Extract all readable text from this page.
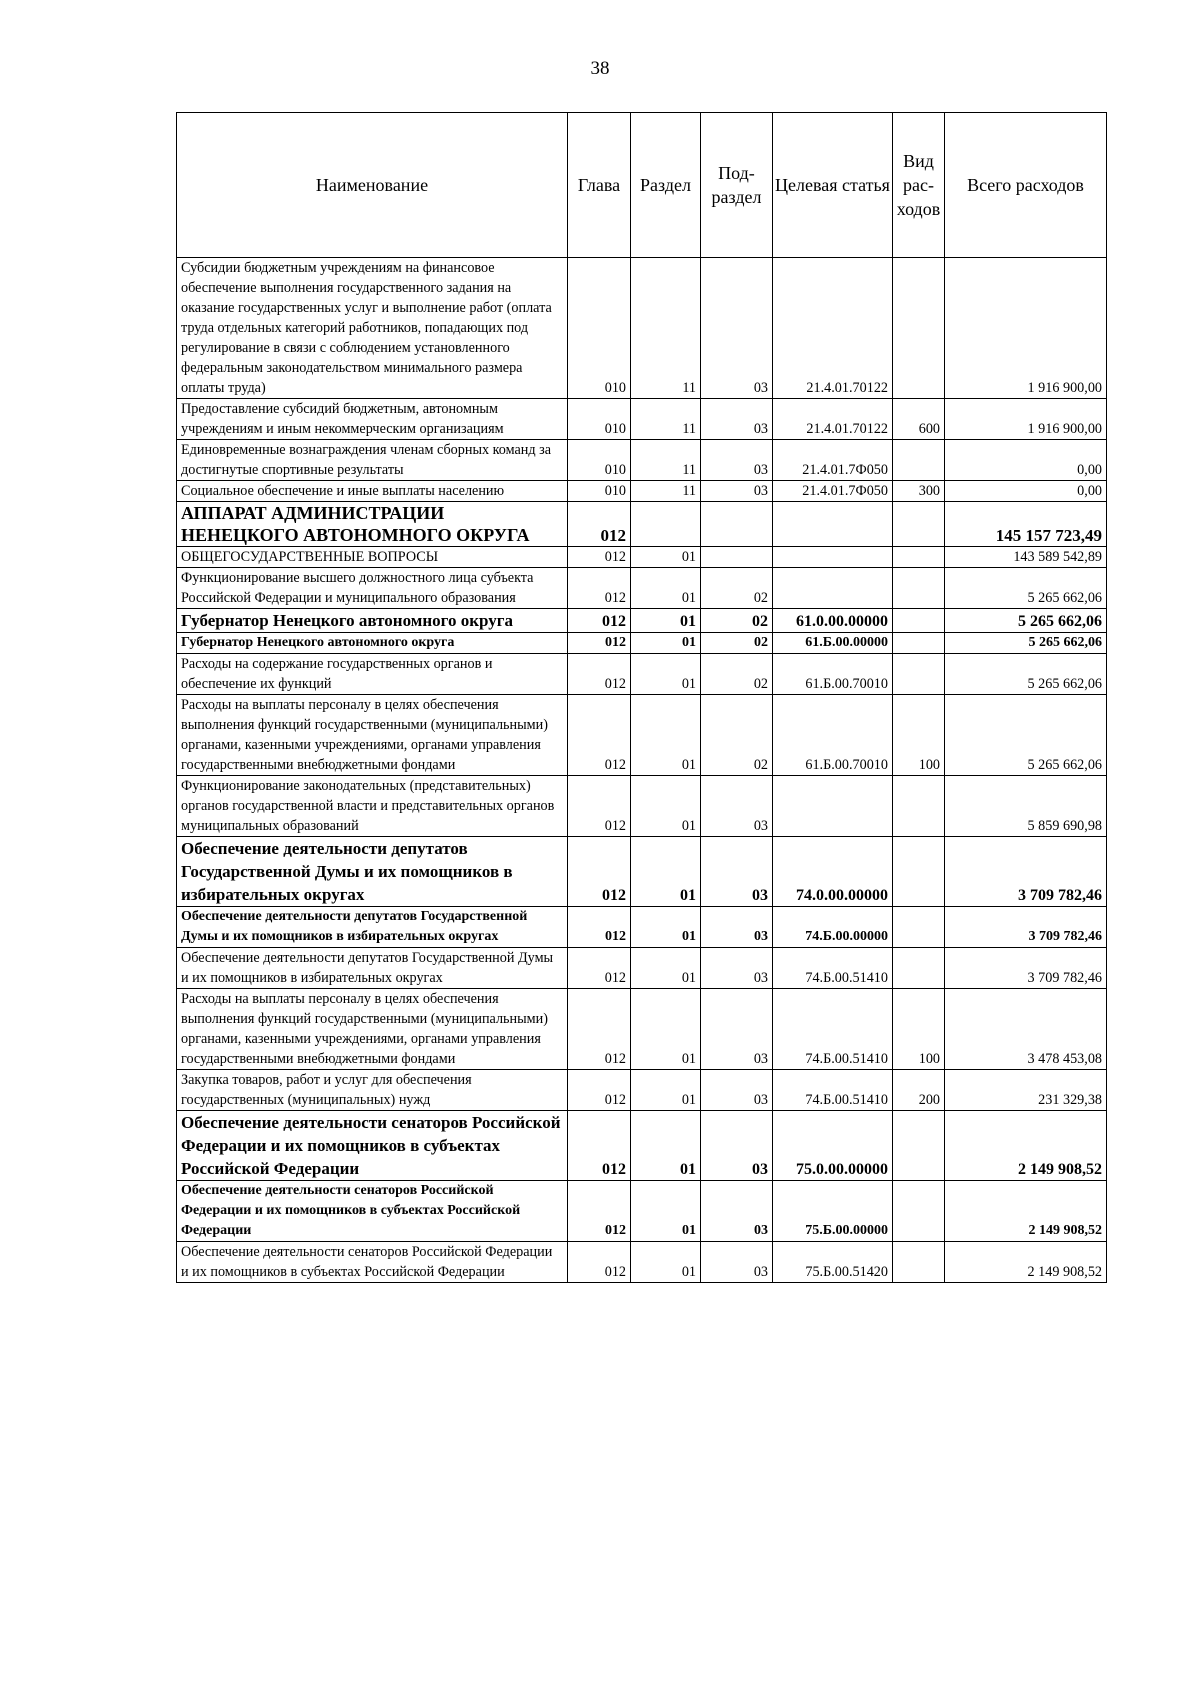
38
Наименование	Глава	Раздел	Под-раздел	Целевая статья	Вид рас-ходов	Всего расходов
Субсидии бюджетным учреждениям на финансовое обеспечение выполнения государственного задания на оказание государственных услуг и выполнение работ (оплата труда отдельных категорий работников, попадающих под регулирование в связи с соблюдением установленного федеральным законодательством минимального размера оплаты труда)	010	11	03	21.4.01.70122		1 916 900,00
Предоставление субсидий бюджетным, автономным учреждениям и иным некоммерческим организациям	010	11	03	21.4.01.70122	600	1 916 900,00
Единовременные вознаграждения членам сборных команд за достигнутые спортивные результаты	010	11	03	21.4.01.7Ф050		0,00
Социальное обеспечение и иные выплаты населению	010	11	03	21.4.01.7Ф050	300	0,00
АППАРАТ АДМИНИСТРАЦИИ НЕНЕЦКОГО АВТОНОМНОГО ОКРУГА	012					145 157 723,49
ОБЩЕГОСУДАРСТВЕННЫЕ ВОПРОСЫ	012	01				143 589 542,89
Функционирование высшего должностного лица субъекта Российской Федерации и муниципального образования	012	01	02			5 265 662,06
Губернатор Ненецкого автономного округа	012	01	02	61.0.00.00000		5 265 662,06
Губернатор Ненецкого автономного округа	012	01	02	61.Б.00.00000		5 265 662,06
Расходы на содержание государственных органов и обеспечение их функций	012	01	02	61.Б.00.70010		5 265 662,06
Расходы на выплаты персоналу в целях обеспечения выполнения функций государственными (муниципальными) органами, казенными учреждениями, органами управления государственными внебюджетными фондами	012	01	02	61.Б.00.70010	100	5 265 662,06
Функционирование законодательных (представительных) органов государственной власти и представительных органов муниципальных образований	012	01	03			5 859 690,98
Обеспечение деятельности депутатов Государственной Думы и их помощников в избирательных округах	012	01	03	74.0.00.00000		3 709 782,46
Обеспечение деятельности депутатов Государственной Думы и их помощников в избирательных округах	012	01	03	74.Б.00.00000		3 709 782,46
Обеспечение деятельности депутатов Государственной Думы и их помощников в избирательных округах	012	01	03	74.Б.00.51410		3 709 782,46
Расходы на выплаты персоналу в целях обеспечения выполнения функций государственными (муниципальными) органами, казенными учреждениями, органами управления государственными внебюджетными фондами	012	01	03	74.Б.00.51410	100	3 478 453,08
Закупка товаров, работ и услуг для обеспечения государственных (муниципальных) нужд	012	01	03	74.Б.00.51410	200	231 329,38
Обеспечение деятельности сенаторов Российской Федерации и их помощников в субъектах Российской Федерации	012	01	03	75.0.00.00000		2 149 908,52
Обеспечение деятельности сенаторов Российской Федерации и их помощников в субъектах Российской Федерации	012	01	03	75.Б.00.00000		2 149 908,52
Обеспечение деятельности сенаторов Российской Федерации и их помощников в субъектах Российской Федерации	012	01	03	75.Б.00.51420		2 149 908,52
